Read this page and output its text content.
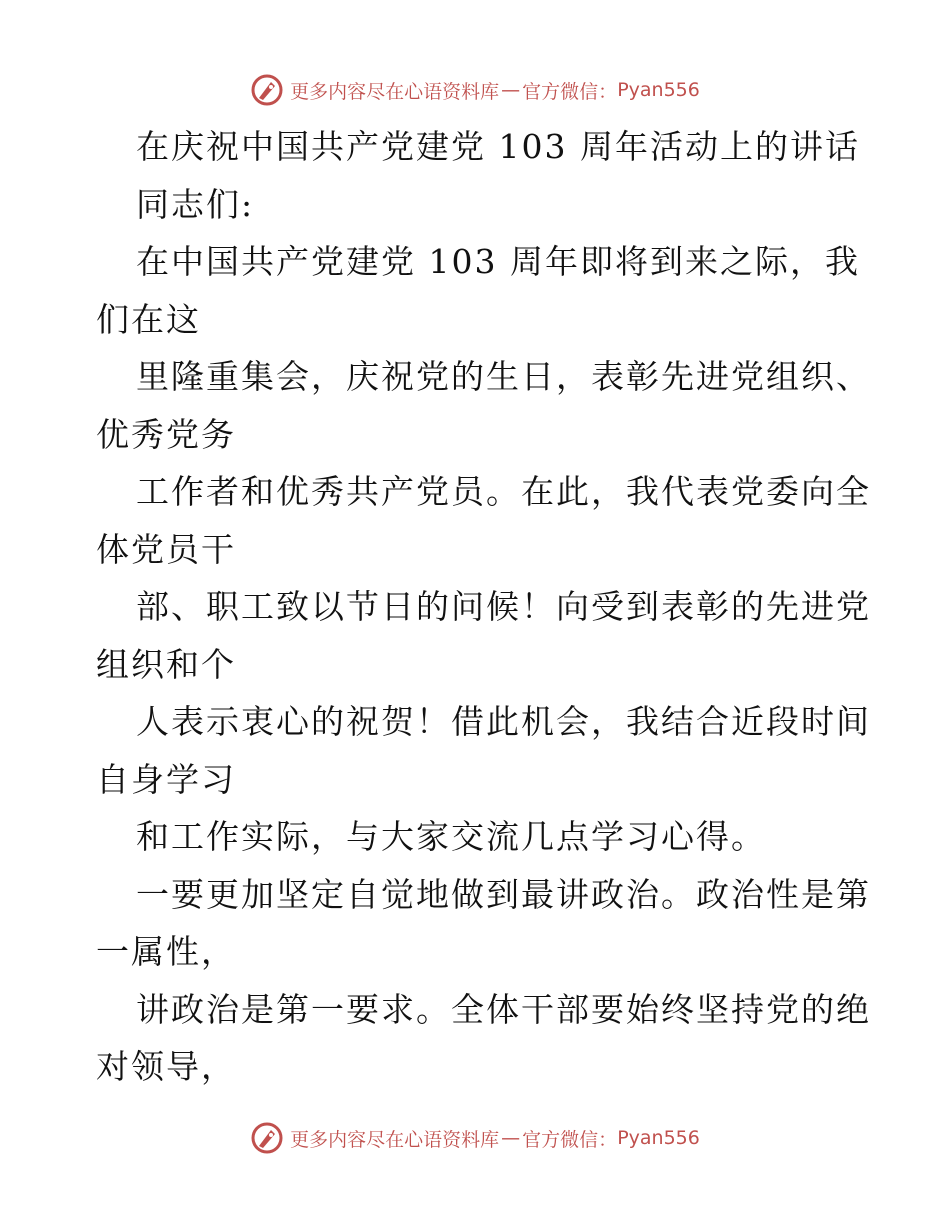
更多内容尽在心语资料库 — 官方微信： Pyan556
在庆祝中国共产党建党 103 周年活动上的讲话
同志们:
在中国共产党建党 103 周年即将到来之际，我
们在这
里隆重集会，庆祝党的生日，表彰先进党组织、
优秀党务
工作者和优秀共产党员。在此，我代表党委向全
体党员干
部、职工致以节日的问候！向受到表彰的先进党
组织和个
人表示衷心的祝贺！借此机会，我结合近段时间
自身学习
和工作实际，与大家交流几点学习心得。
一要更加坚定自觉地做到最讲政治。政治性是第
一属性，
讲政治是第一要求。全体干部要始终坚持党的绝
对领导，
更多内容尽在心语资料库 — 官方微信： Pyan556
